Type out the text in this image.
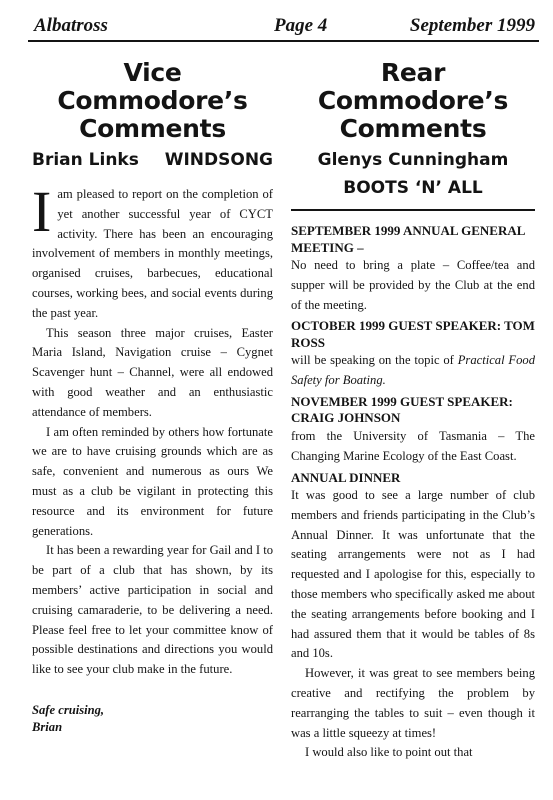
Albatross	Page 4	September 1999
Vice Commodore’s
Comments
Brian Links WINDSONG

Iam pleased to report on the completion of yet another successful year of CYCT activity. There has been an encouraging involvement of members in monthly meetings, organised cruises, barbecues, educational courses, working bees, and social events during the past year.

This season three major cruises, Easter Maria Island, Navigation cruise – Cygnet Scavenger hunt – Channel, were all endowed with good weather and an enthusiastic attendance of members.

I am often reminded by others how fortunate we are to have cruising grounds which are as safe, convenient and numerous as ours We must as a club be vigilant in protecting this resource and its environment for future generations.

It has been a rewarding year for Gail and I to be part of a club that has shown, by its members’ active participation in social and cruising camaraderie, to be delivering a need. Please feel free to let your committee know of possible destinations and directions you would like to see your club make in the future.

Safe cruising,
Brian
Rear Commodore’s
Comments
Glenys Cunningham
BOOTS ‘N’ ALL
SEPTEMBER 1999 ANNUAL GENERAL MEETING –

No need to bring a plate – Coffee/tea and supper will be provided by the Club at the end of the meeting.

OCTOBER 1999 GUEST SPEAKER: TOM ROSS

will be speaking on the topic of Practical Food Safety for Boating.

NOVEMBER 1999 GUEST SPEAKER: CRAIG JOHNSON

from the University of Tasmania – The Changing Marine Ecology of the East Coast.

ANNUAL DINNER

It was good to see a large number of club members and friends participating in the Club’s Annual Dinner. It was unfortunate that the seating arrangements were not as I had requested and I apologise for this, especially to those members who specifically asked me about the seating arrangements before booking and I had assured them that it would be tables of 8s and 10s.

However, it was great to see members being creative and rectifying the problem by rearranging the tables to suit – even though it was a little squeezy at times!

I would also like to point out that
